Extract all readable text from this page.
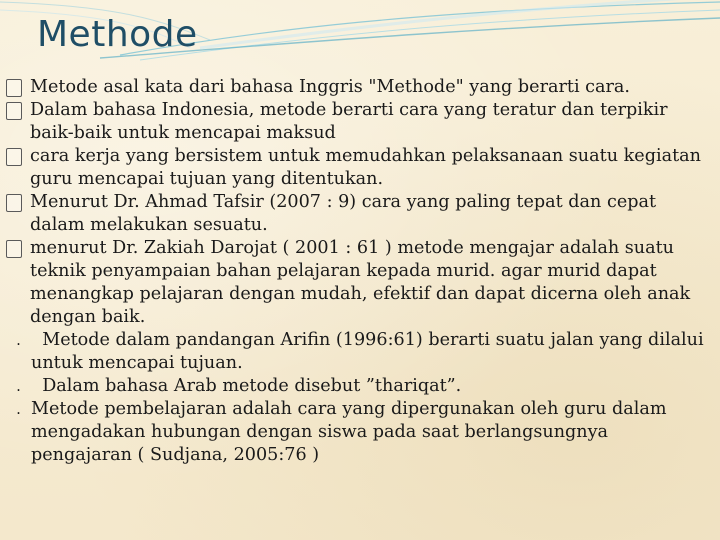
Methode
Metode asal kata dari bahasa Inggris "Methode" yang berarti cara.
Dalam bahasa Indonesia, metode berarti cara yang teratur dan terpikir baik-baik untuk mencapai maksud
cara kerja yang bersistem untuk memudahkan pelaksanaan suatu kegiatan guru mencapai tujuan yang ditentukan.
Menurut Dr. Ahmad Tafsir (2007 : 9) cara yang paling tepat dan cepat dalam melakukan sesuatu.
menurut Dr. Zakiah Darojat ( 2001 : 61 ) metode mengajar adalah suatu teknik penyampaian bahan pelajaran kepada murid. agar murid dapat menangkap pelajaran dengan mudah, efektif dan dapat dicerna oleh anak dengan baik.
. Metode dalam pandangan Arifin (1996:61) berarti suatu jalan yang dilalui untuk mencapai tujuan.
. Dalam bahasa Arab metode disebut ”thariqat”.
. Metode pembelajaran adalah cara yang dipergunakan oleh guru dalam mengadakan hubungan dengan siswa pada saat berlangsungnya pengajaran ( Sudjana, 2005:76 )
